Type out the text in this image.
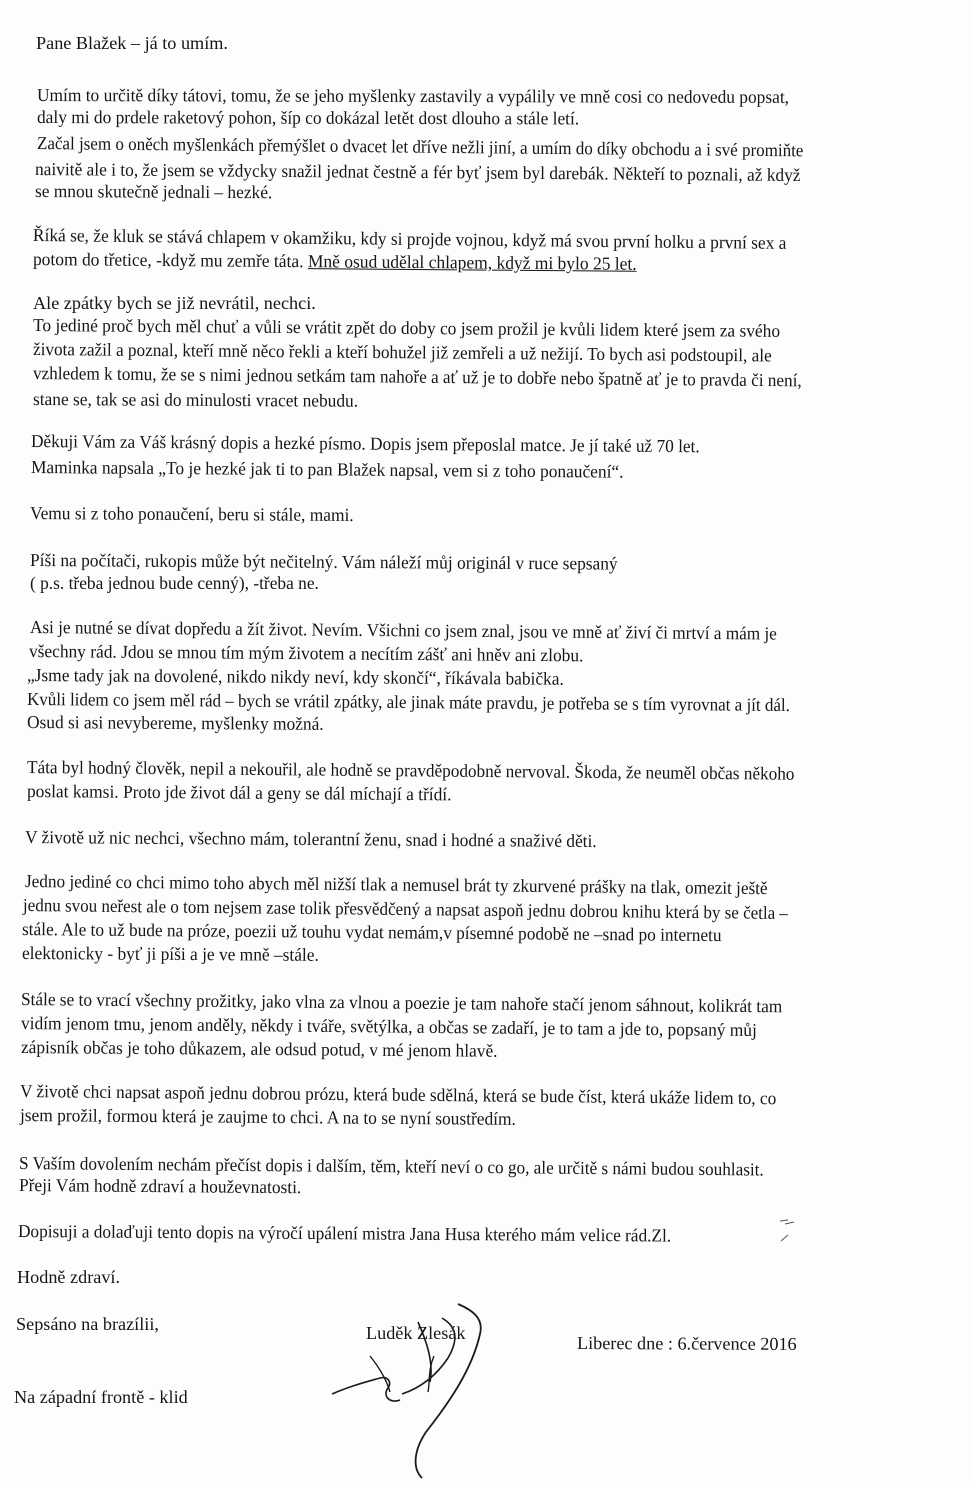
Pane Blažek – já to umím.
Umím to určitě díky tátovi, tomu, že se jeho myšlenky zastavily a vypálily ve mně cosi co nedovedu popsat,
daly mi do prdele raketový pohon, šíp co dokázal letět dost dlouho a stále letí.
Začal jsem o oněch myšlenkách přemýšlet o dvacet let dříve nežli jiní, a umím do díky obchodu a i své promiňte
naivitě ale i to, že jsem se vždycky snažil jednat čestně a fér byť jsem byl darebák. Někteří to poznali, až když
se mnou skutečně jednali – hezké.
Říká se, že kluk se stává chlapem v okamžiku, kdy si projde vojnou, když má svou první holku a první sex a
potom do třetice, -když mu zemře táta. Mně osud udělal chlapem, když mi bylo 25 let.
Ale zpátky bych se již nevrátil, nechci.
To jediné proč bych měl chuť a vůli se vrátit zpět do doby co jsem prožil je kvůli lidem které jsem za svého
života zažil a poznal, kteří mně něco řekli a kteří bohužel již zemřeli a už nežijí. To bych asi podstoupil, ale
vzhledem k tomu, že se s nimi jednou setkám tam nahoře a ať už je to dobře nebo špatně ať je to pravda či není,
stane se, tak se asi do minulosti vracet nebudu.
Děkuji Vám za Váš krásný dopis a hezké písmo. Dopis jsem přeposlal matce. Je jí také už 70 let.
Maminka napsala „To je hezké jak ti to pan Blažek napsal, vem si z toho ponaučení“.
Vemu si z toho ponaučení, beru si stále, mami.
Píši na počítači, rukopis může být nečitelný. Vám náleží můj originál v ruce sepsaný
( p.s. třeba jednou bude cenný), -třeba ne.
Asi je nutné se dívat dopředu a žít život. Nevím. Všichni co jsem znal, jsou ve mně ať živí či mrtví a mám je
všechny rád. Jdou se mnou tím mým životem a necítím zášť ani hněv ani zlobu.
„Jsme tady jak na dovolené, nikdo nikdy neví, kdy skončí“, říkávala babička.
Kvůli lidem co jsem měl rád – bych se vrátil zpátky, ale jinak máte pravdu, je potřeba se s tím vyrovnat a jít dál.
Osud si asi nevybereme, myšlenky možná.
Táta byl hodný člověk, nepil a nekouřil, ale hodně se pravděpodobně nervoval. Škoda, že neuměl občas někoho
poslat kamsi. Proto jde život dál a geny se dál míchají a třídí.
V životě už nic nechci, všechno mám, tolerantní ženu, snad i hodné a snaživé děti.
Jedno jediné co chci mimo toho abych měl nižší tlak a nemusel brát ty zkurvené prášky na tlak, omezit ještě
jednu svou neřest ale o tom nejsem zase tolik přesvědčený a napsat aspoň jednu dobrou knihu která by se četla –
stále. Ale to už bude na próze, poezii už touhu vydat nemám,v písemné podobě ne –snad po internetu
elektonicky - byť ji píši a je ve mně –stále.
Stále se to vrací všechny prožitky, jako vlna za vlnou a poezie je tam nahoře stačí jenom sáhnout, kolikrát tam
vidím jenom tmu, jenom anděly, někdy i tváře, světýlka, a občas se zadaří, je to tam a jde to, popsaný můj
zápisník občas je toho důkazem, ale odsud potud, v mé jenom hlavě.
V životě chci napsat aspoň jednu dobrou prózu, která bude sdělná, která se bude číst, která ukáže lidem to, co
jsem prožil, formou která je zaujme to chci. A na to se nyní soustředím.
S Vaším dovolením nechám přečíst dopis i dalším, těm, kteří neví o co go, ale určitě s námi budou souhlasit.
Přeji Vám hodně zdraví a houževnatosti.
Dopisuji a dolaďuji tento dopis na výročí upálení mistra Jana Husa kterého mám velice rád.Zl.
Hodně zdraví.
Sepsáno na brazílii,	Luděk Zlesák
Liberec dne : 6.července 2016
Na západní frontě - klid
